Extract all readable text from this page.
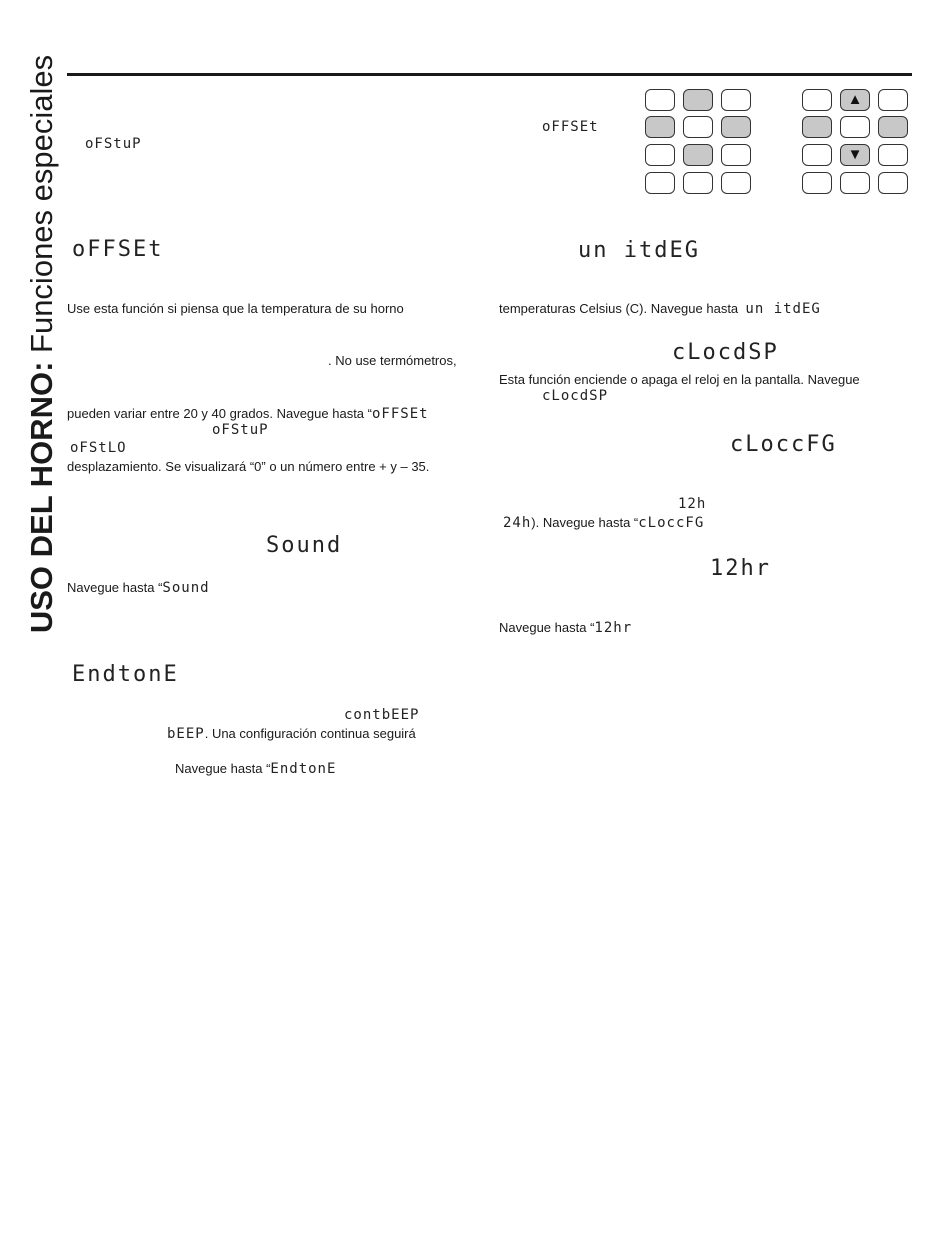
USO DEL HORNO: Funciones especiales oFStuP
oFFSEt
Use esta función si piensa que la temperatura de su horno
. No use termómetros,
pueden variar entre 20 y 40 grados. Navegue hasta “oFFSEt
oFStuP
oFStLO
desplazamiento. Se visualizará “0” o un número entre + y – 35.
Sound
Navegue hasta “Sound
EndtonE
contbEEP
bEEP. Una configuración continua seguirá
Navegue hasta “EndtonE
oFFSEt
▲
▼
un itdEG
temperaturas Celsius (C). Navegue hasta un itdEG
cLocdSP
Esta función enciende o apaga el reloj en la pantalla. Navegue
cLocdSP
cLoccFG
12h
24h). Navegue hasta “cLoccFG
12hr
Navegue hasta “12hr
